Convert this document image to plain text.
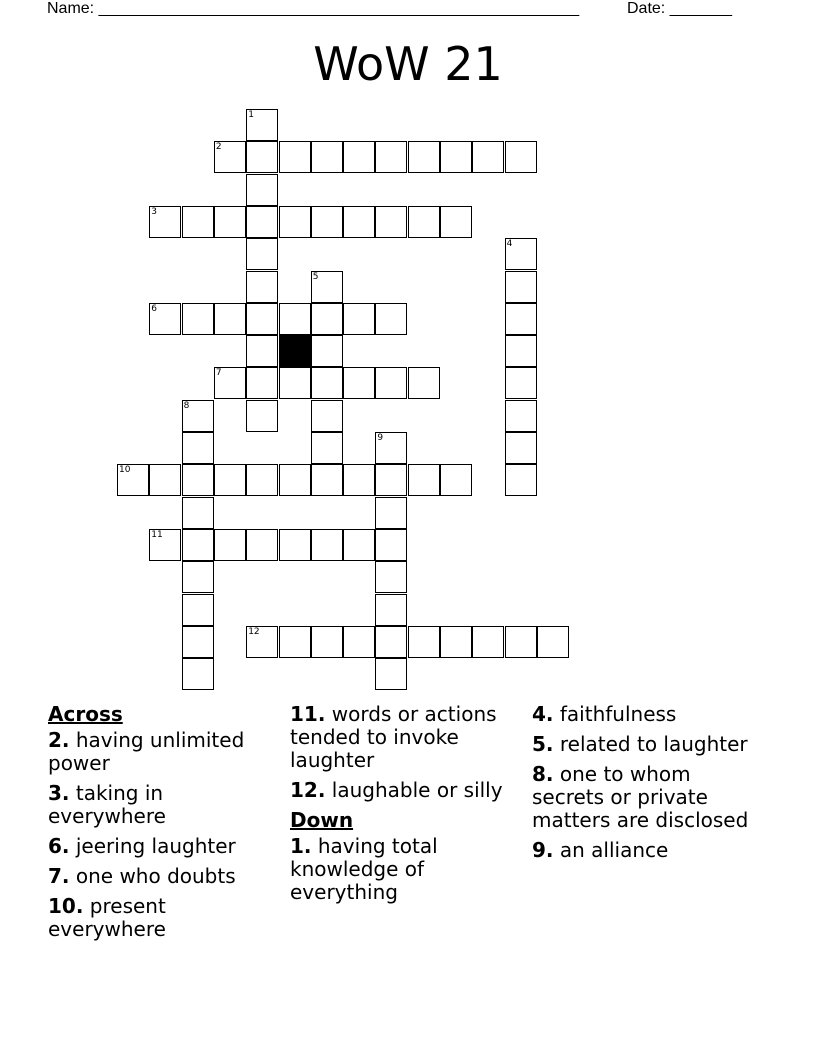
Name: ______________________________________________________	Date: _______
WoW 21
1
2
3
4
5
6
7
8
9
10
11
12
Across
2. having unlimited power
3. taking in everywhere
6. jeering laughter
7. one who doubts
10. present everywhere
11. words or actions tended to invoke laughter
12. laughable or silly
Down
1. having total knowledge of everything
4. faithfulness
5. related to laughter
8. one to whom secrets or private matters are disclosed
9. an alliance
